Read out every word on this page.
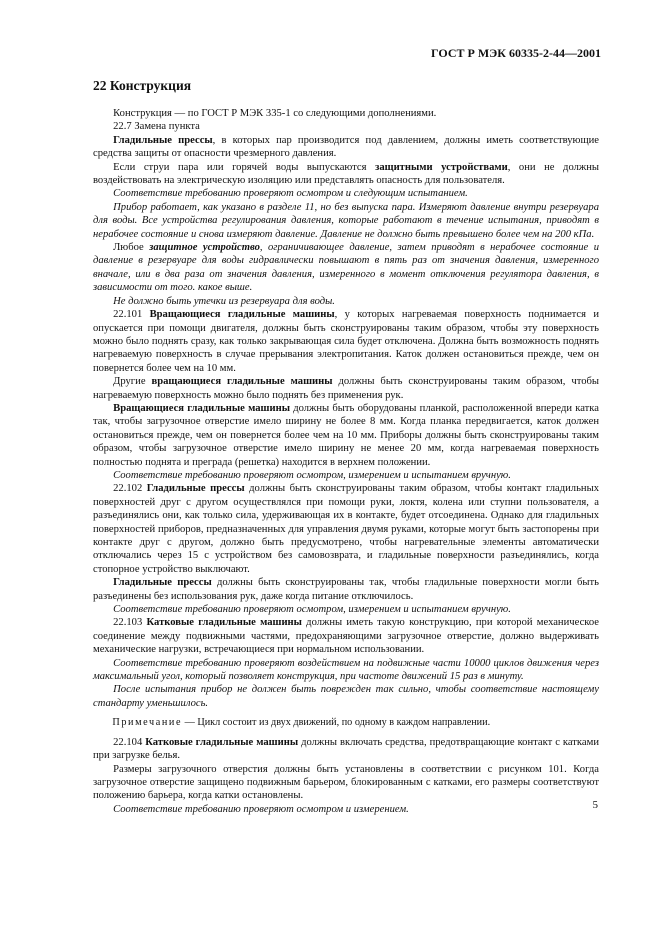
ГОСТ Р МЭК 60335-2-44—2001
22 Конструкция

Конструкция — по ГОСТ Р МЭК 335-1 со следующими дополнениями.

22.7 Замена пункта

Гладильные прессы, в которых пар производится под давлением, должны иметь соответствующие средства защиты от опасности чрезмерного давления.

Если струи пара или горячей воды выпускаются защитными устройствами, они не должны воздействовать на электрическую изоляцию или представлять опасность для пользователя.

Соответствие требованию проверяют осмотром и следующим испытанием.

Прибор работает, как указано в разделе 11, но без выпуска пара. Измеряют давление внутри резервуара для воды. Все устройства регулирования давления, которые работают в течение испытания, приводят в нерабочее состояние и снова измеряют давление. Давление не должно быть превышено более чем на 200 кПа.

Любое защитное устройство, ограничивающее давление, затем приводят в нерабочее состояние и давление в резервуаре для воды гидравлически повышают в пять раз от значения давления, измеренного вначале, или в два раза от значения давления, измеренного в момент отключения регулятора давления, в зависимости от того. какое выше.

Не должно быть утечки из резервуара для воды.

22.101 Вращающиеся гладильные машины, у которых нагреваемая поверхность поднимается и опускается при помощи двигателя, должны быть сконструированы таким образом, чтобы эту поверхность можно было поднять сразу, как только закрывающая сила будет отключена. Должна быть возможность поднять нагреваемую поверхность в случае прерывания электропитания. Каток должен остановиться прежде, чем он повернется более чем на 10 мм.

Другие вращающиеся гладильные машины должны быть сконструированы таким образом, чтобы нагреваемую поверхность можно было поднять без применения рук.

Вращающиеся гладильные машины должны быть оборудованы планкой, расположенной впереди катка так, чтобы загрузочное отверстие имело ширину не более 8 мм. Когда планка передвигается, каток должен остановиться прежде, чем он повернется более чем на 10 мм. Приборы должны быть сконструированы таким образом, чтобы загрузочное отверстие имело ширину не менее 20 мм, когда нагреваемая поверхность полностью поднята и преграда (решетка) находится в верхнем положении.

Соответствие требованию проверяют осмотром, измерением и испытанием вручную.

22.102 Гладильные прессы должны быть сконструированы таким образом, чтобы контакт гладильных поверхностей друг с другом осуществлялся при помощи руки, локтя, колена или ступни пользователя, а разъединялись они, как только сила, удерживающая их в контакте, будет отсоединена. Однако для гладильных поверхностей приборов, предназначенных для управления двумя руками, которые могут быть застопорены при контакте друг с другом, должно быть предусмотрено, чтобы нагревательные элементы автоматически отключались через 15 с устройством без самовозврата, и гладильные поверхности разъединялись, когда стопорное устройство выключают.

Гладильные прессы должны быть сконструированы так, чтобы гладильные поверхности могли быть разъединены без использования рук, даже когда питание отключилось.

Соответствие требованию проверяют осмотром, измерением и испытанием вручную.

22.103 Катковые гладильные машины должны иметь такую конструкцию, при которой механическое соединение между подвижными частями, предохраняющими загрузочное отверстие, должно выдерживать механические нагрузки, встречающиеся при нормальном использовании.

Соответствие требованию проверяют воздействием на подвижные части 10000 циклов движения через максимальный угол, который позволяет конструкция, при частоте движений 15 раз в минуту.

После испытания прибор не должен быть поврежден так сильно, чтобы соответствие настоящему стандарту уменьшилось.

Примечание — Цикл состоит из двух движений, по одному в каждом направлении.

22.104 Катковые гладильные машины должны включать средства, предотвращающие контакт с катками при загрузке белья.

Размеры загрузочного отверстия должны быть установлены в соответствии с рисунком 101. Когда загрузочное отверстие защищено подвижным барьером, блокированным с катками, его размеры соответствуют положению барьера, когда катки остановлены.

Соответствие требованию проверяют осмотром и измерением.	5
